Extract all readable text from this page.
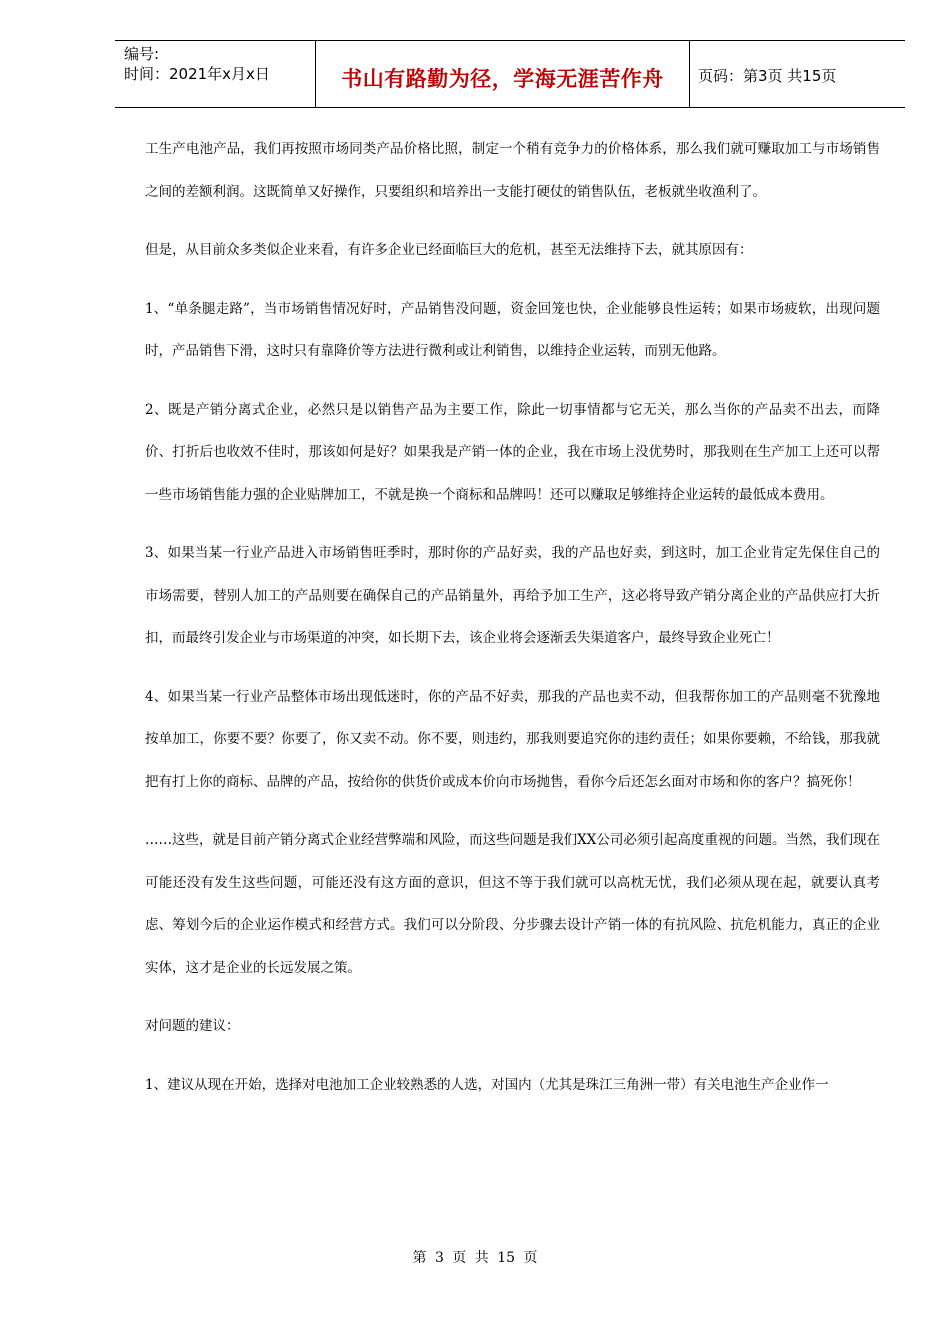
编号:
时间：2021年x月x日	书山有路勤为径，学海无涯苦作舟	页码：第3页 共15页

工生产电池产品，我们再按照市场同类产品价格比照，制定一个稍有竞争力的价格体系，那么我们就可赚取加工与市场销售之间的差额利润。这既简单又好操作，只要组织和培养出一支能打硬仗的销售队伍，老板就坐收渔利了。

但是，从目前众多类似企业来看，有许多企业已经面临巨大的危机，甚至无法维持下去，就其原因有：

1、“单条腿走路”，当市场销售情况好时，产品销售没问题，资金回笼也快，企业能够良性运转；如果市场疲软，出现问题时，产品销售下滑，这时只有靠降价等方法进行微利或让利销售，以维持企业运转，而别无他路。

2、既是产销分离式企业，必然只是以销售产品为主要工作，除此一切事情都与它无关，那么当你的产品卖不出去，而降价、打折后也收效不佳时，那该如何是好？如果我是产销一体的企业，我在市场上没优势时，那我则在生产加工上还可以帮一些市场销售能力强的企业贴牌加工，不就是换一个商标和品牌吗！还可以赚取足够维持企业运转的最低成本费用。

3、如果当某一行业产品进入市场销售旺季时，那时你的产品好卖，我的产品也好卖，到这时，加工企业肯定先保住自己的市场需要，替别人加工的产品则要在确保自己的产品销量外，再给予加工生产，这必将导致产销分离企业的产品供应打大折扣，而最终引发企业与市场渠道的冲突，如长期下去，该企业将会逐渐丢失渠道客户，最终导致企业死亡！

4、如果当某一行业产品整体市场出现低迷时，你的产品不好卖，那我的产品也卖不动，但我帮你加工的产品则毫不犹豫地按单加工，你要不要？你要了，你又卖不动。你不要，则违约，那我则要追究你的违约责任；如果你要赖，不给钱，那我就把有打上你的商标、品牌的产品，按给你的供货价或成本价向市场抛售，看你今后还怎幺面对市场和你的客户？搞死你！

……这些，就是目前产销分离式企业经营弊端和风险，而这些问题是我们XX公司必须引起高度重视的问题。当然，我们现在可能还没有发生这些问题，可能还没有这方面的意识，但这不等于我们就可以高枕无忧，我们必须从现在起，就要认真考虑、筹划今后的企业运作模式和经营方式。我们可以分阶段、分步骤去设计产销一体的有抗风险、抗危机能力，真正的企业实体，这才是企业的长远发展之策。

对问题的建议：

1、建议从现在开始，选择对电池加工企业较熟悉的人选，对国内（尤其是珠江三角洲一带）有关电池生产企业作一

第 3 页 共 15 页
